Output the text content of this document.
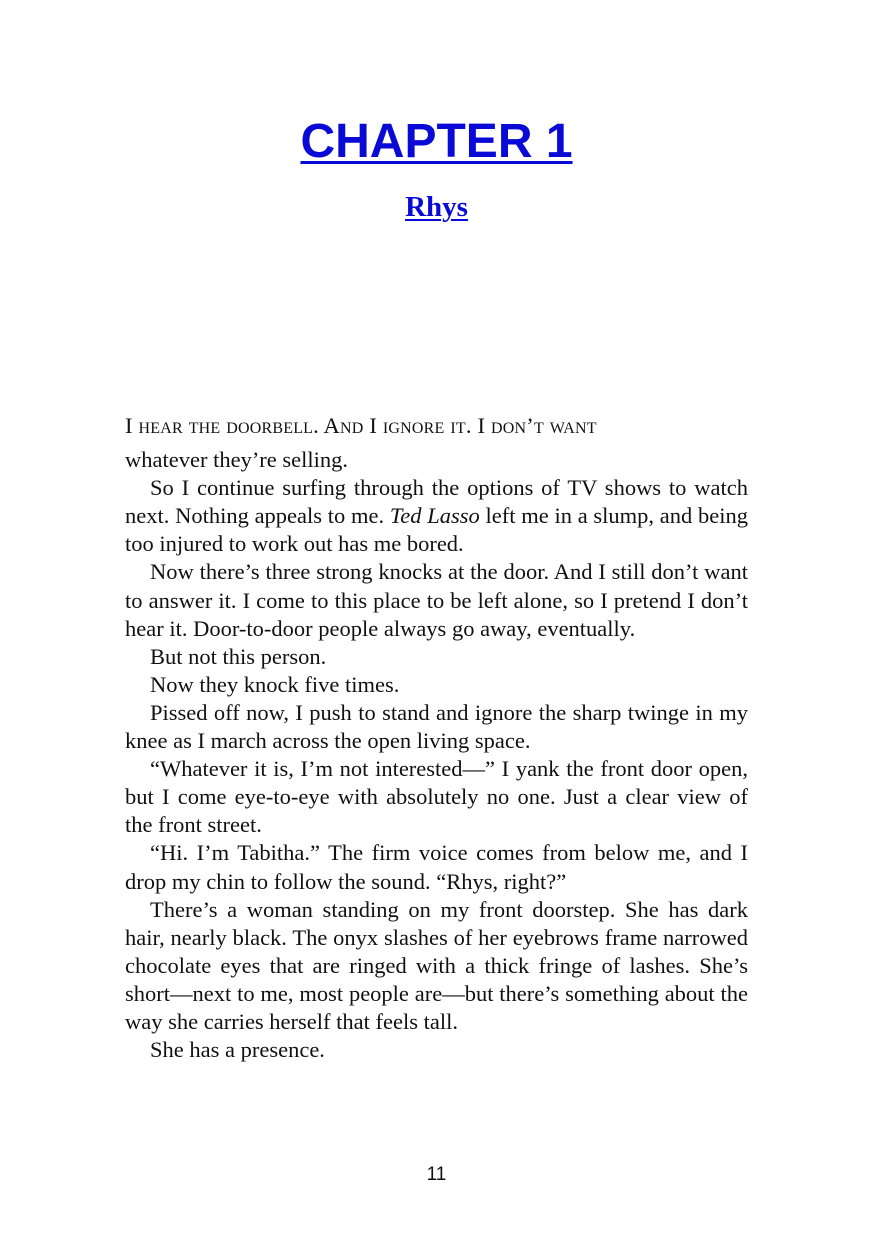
CHAPTER 1
Rhys

I hear the doorbell. And I ignore it. I don’t want
whatever they’re selling.

So I continue surfing through the options of TV shows to watch next. Nothing appeals to me. Ted Lasso left me in a slump, and being too injured to work out has me bored.

Now there’s three strong knocks at the door. And I still don’t want to answer it. I come to this place to be left alone, so I pretend I don’t hear it. Door-to-door people always go away, eventually.

But not this person.

Now they knock five times.

Pissed off now, I push to stand and ignore the sharp twinge in my knee as I march across the open living space.

“Whatever it is, I’m not interested—” I yank the front door open, but I come eye-to-eye with absolutely no one. Just a clear view of the front street.

“Hi. I’m Tabitha.” The firm voice comes from below me, and I drop my chin to follow the sound. “Rhys, right?”

There’s a woman standing on my front doorstep. She has dark hair, nearly black. The onyx slashes of her eyebrows frame narrowed chocolate eyes that are ringed with a thick fringe of lashes. She’s short—next to me, most people are—but there’s something about the way she carries herself that feels tall.

She has a presence.

11
